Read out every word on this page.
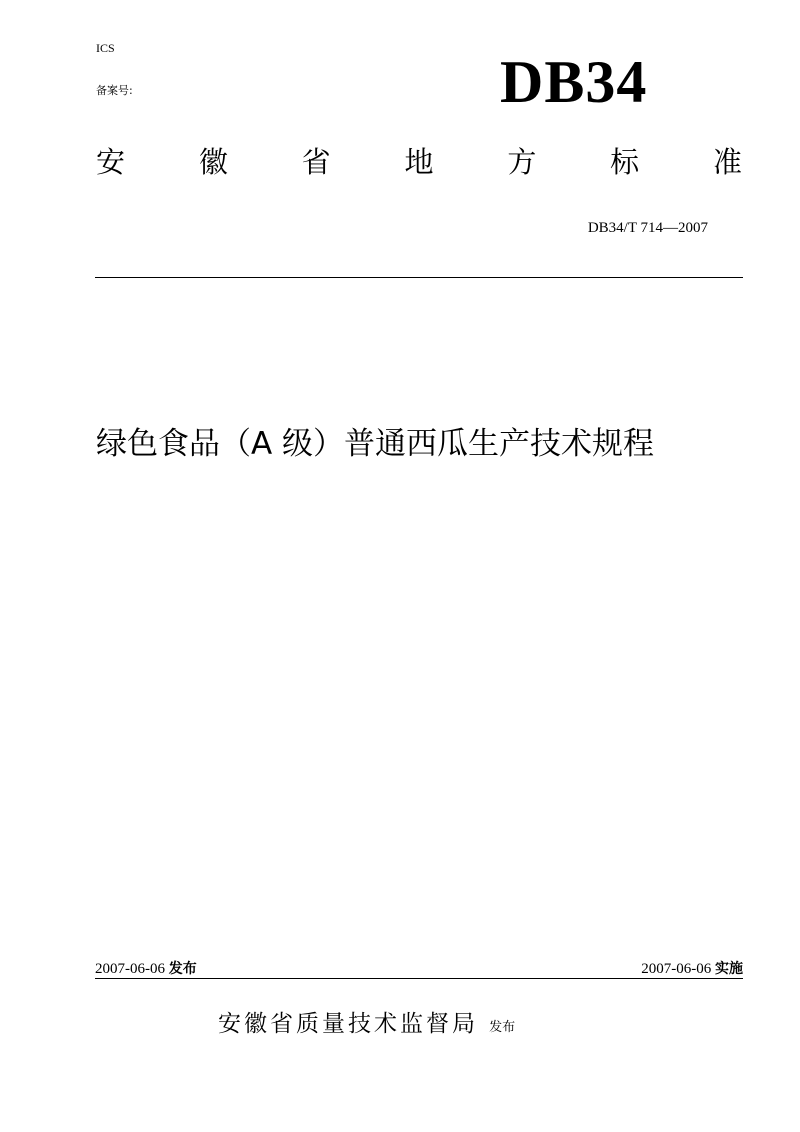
ICS
备案号:	DB34
安	徽	省	地	方	标	准
DB34/T 714—2007
绿色食品（A 级）普通西瓜生产技术规程
2007-06-06 发布	2007-06-06 实施
安徽省质量技术监督局 发布
